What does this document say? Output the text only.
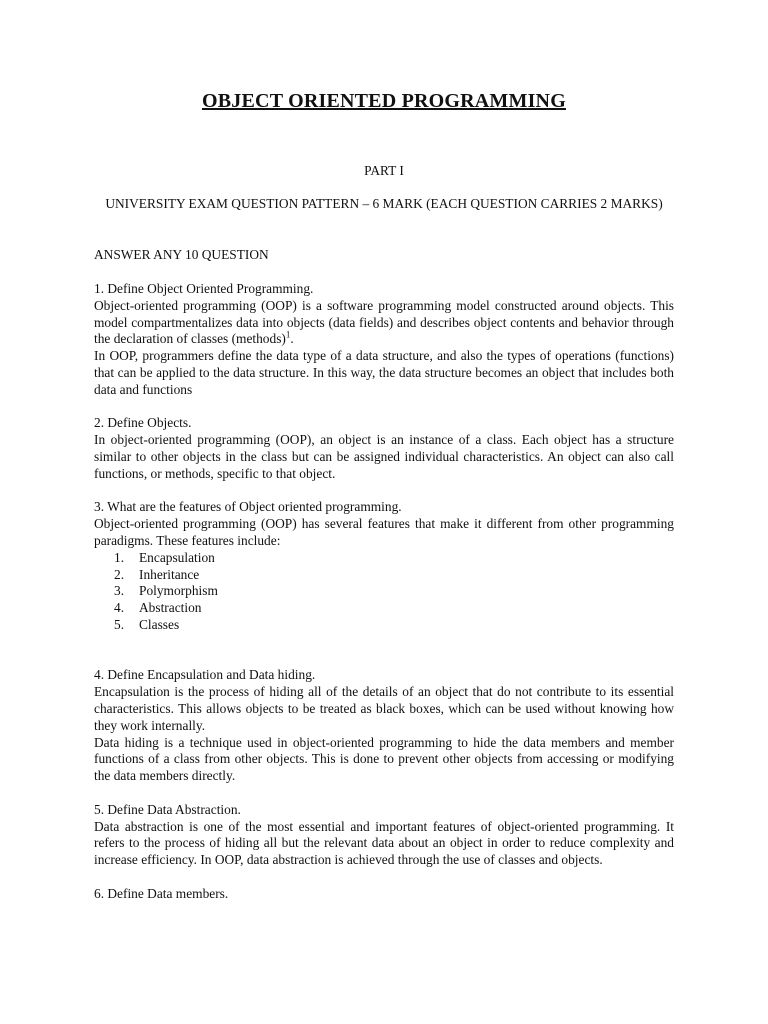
OBJECT ORIENTED PROGRAMMING
PART I
UNIVERSITY EXAM QUESTION PATTERN – 6 MARK (EACH QUESTION CARRIES 2 MARKS)
ANSWER ANY 10 QUESTION

1. Define Object Oriented Programming.

Object-oriented programming (OOP) is a software programming model constructed around objects. This model compartmentalizes data into objects (data fields) and describes object contents and behavior through the declaration of classes (methods)$^1$.

In OOP, programmers define the data type of a data structure, and also the types of operations (functions) that can be applied to the data structure. In this way, the data structure becomes an object that includes both data and functions

2. Define Objects.

In object-oriented programming (OOP), an object is an instance of a class. Each object has a structure similar to other objects in the class but can be assigned individual characteristics. An object can also call functions, or methods, specific to that object.

3. What are the features of Object oriented programming.

Object-oriented programming (OOP) has several features that make it different from other programming paradigms. These features include:

1. Encapsulation
2. Inheritance
3. Polymorphism
4. Abstraction
5. Classes

4. Define Encapsulation and Data hiding.

Encapsulation is the process of hiding all of the details of an object that do not contribute to its essential characteristics. This allows objects to be treated as black boxes, which can be used without knowing how they work internally.

Data hiding is a technique used in object-oriented programming to hide the data members and member functions of a class from other objects. This is done to prevent other objects from accessing or modifying the data members directly.

5. Define Data Abstraction.

Data abstraction is one of the most essential and important features of object-oriented programming. It refers to the process of hiding all but the relevant data about an object in order to reduce complexity and increase efficiency. In OOP, data abstraction is achieved through the use of classes and objects.

6. Define Data members.
